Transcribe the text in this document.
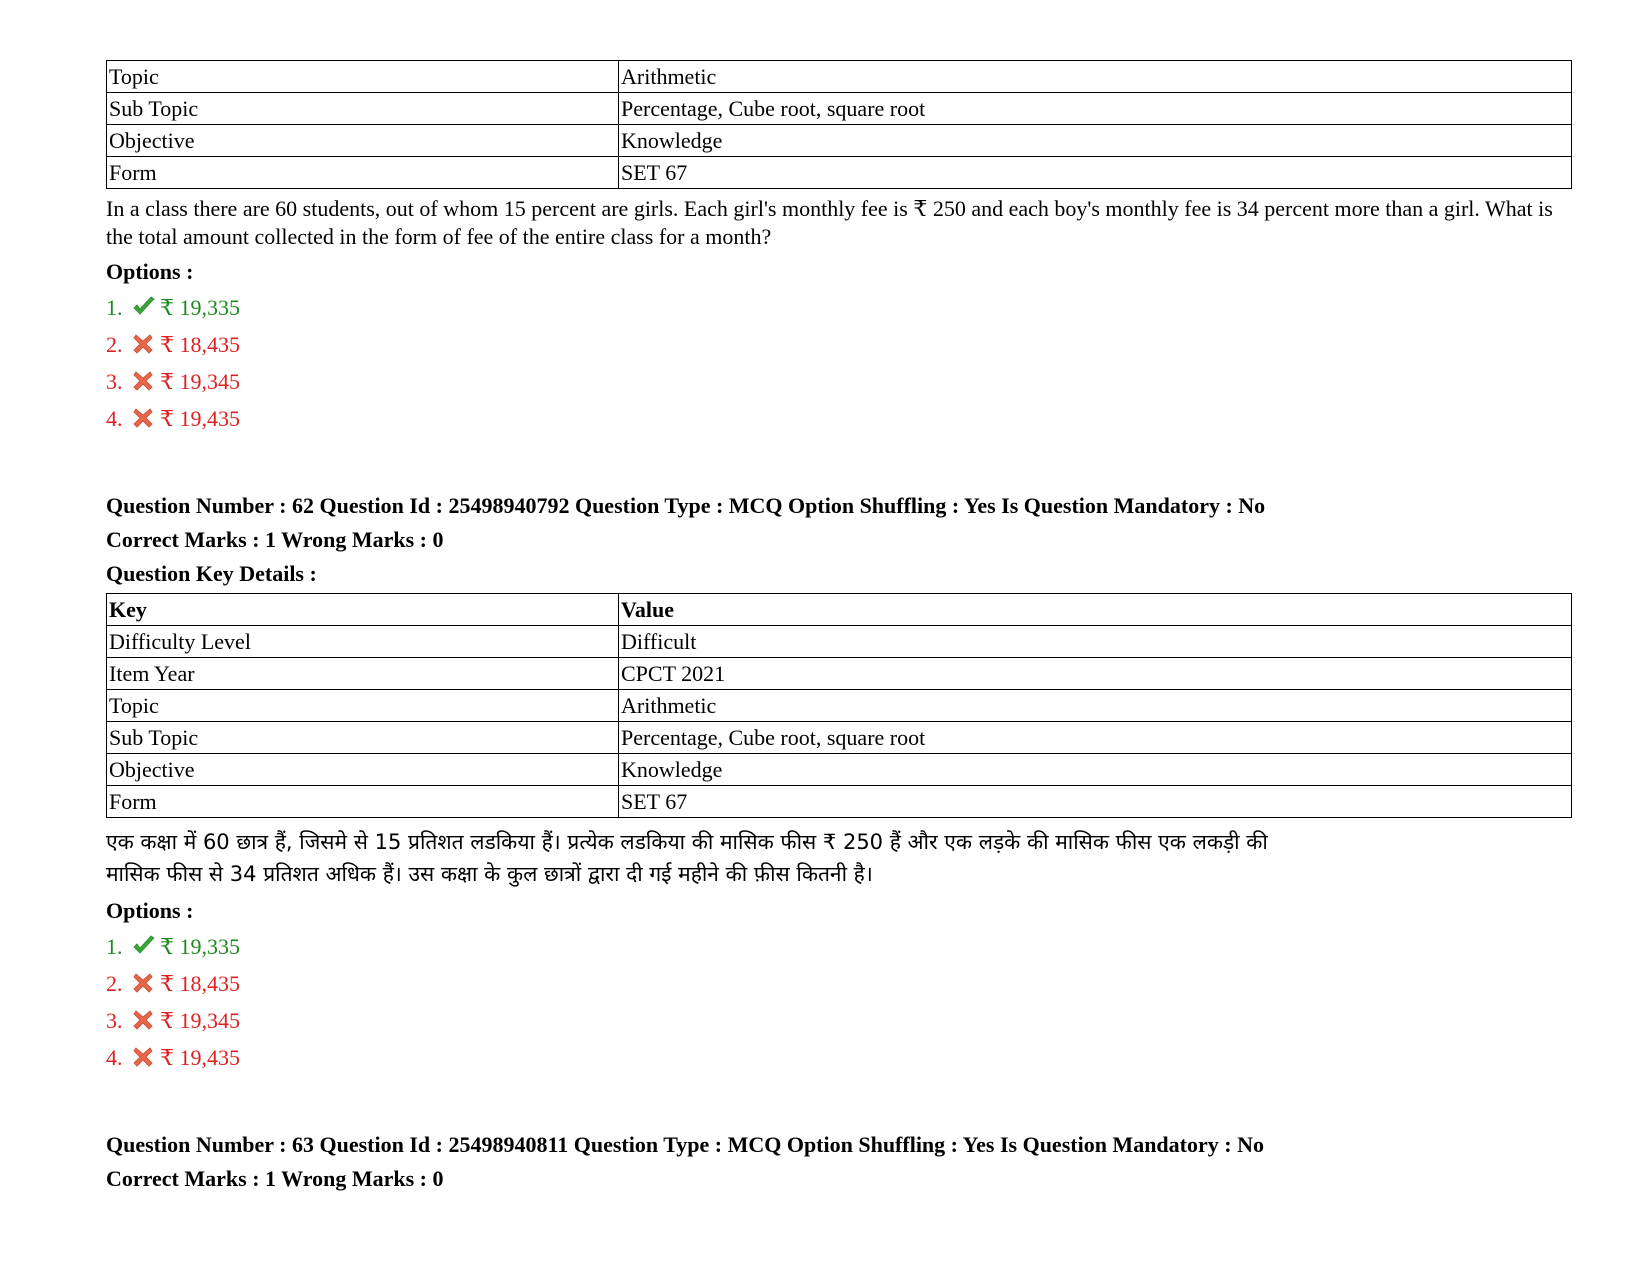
Topic	Arithmetic
Sub Topic	Percentage, Cube root, square root
Objective	Knowledge
Form	SET 67
In a class there are 60 students, out of whom 15 percent are girls. Each girl's monthly fee is ₹ 250 and each boy's monthly fee is 34 percent more than a girl. What is the total amount collected in the form of fee of the entire class for a month?
Options :
1.	₹ 19,335
2.	₹ 18,435
3.	₹ 19,345
4.	₹ 19,435
Question Number : 62 Question Id : 25498940792 Question Type : MCQ Option Shuffling : Yes Is Question Mandatory : No
Correct Marks : 1 Wrong Marks : 0
Question Key Details :
Key	Value
Difficulty Level	Difficult
Item Year	CPCT 2021
Topic	Arithmetic
Sub Topic	Percentage, Cube root, square root
Objective	Knowledge
Form	SET 67
एक कक्षा में 60 छात्र हैं, जिसमे से 15 प्रतिशत लडकिया हैं। प्रत्येक लडकिया की मासिक फीस ₹ 250 हैं और एक लड़के की मासिक फीस एक लकड़ी की
मासिक फीस से 34 प्रतिशत अधिक हैं। उस कक्षा के कुल छात्रों द्वारा दी गई महीने की फ़ीस कितनी है।
Options :
1.	₹ 19,335
2.	₹ 18,435
3.	₹ 19,345
4.	₹ 19,435
Question Number : 63 Question Id : 25498940811 Question Type : MCQ Option Shuffling : Yes Is Question Mandatory : No
Correct Marks : 1 Wrong Marks : 0
